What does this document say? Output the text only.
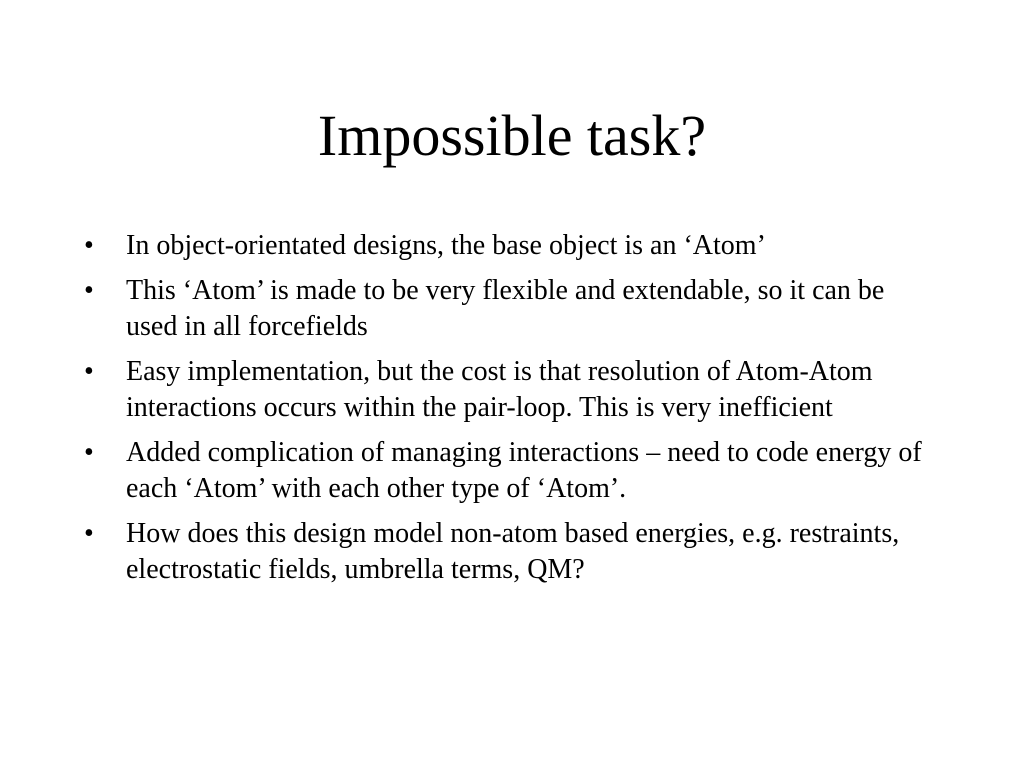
Impossible task?
•	In object-orientated designs, the base object is an ‘Atom’
•	This ‘Atom’ is made to be very flexible and extendable, so it can be used in all forcefields
•	Easy implementation, but the cost is that resolution of Atom-Atom interactions occurs within the pair-loop. This is very inefficient
•	Added complication of managing interactions – need to code energy of each ‘Atom’ with each other type of ‘Atom’.
•	How does this design model non-atom based energies, e.g. restraints, electrostatic fields, umbrella terms, QM?
